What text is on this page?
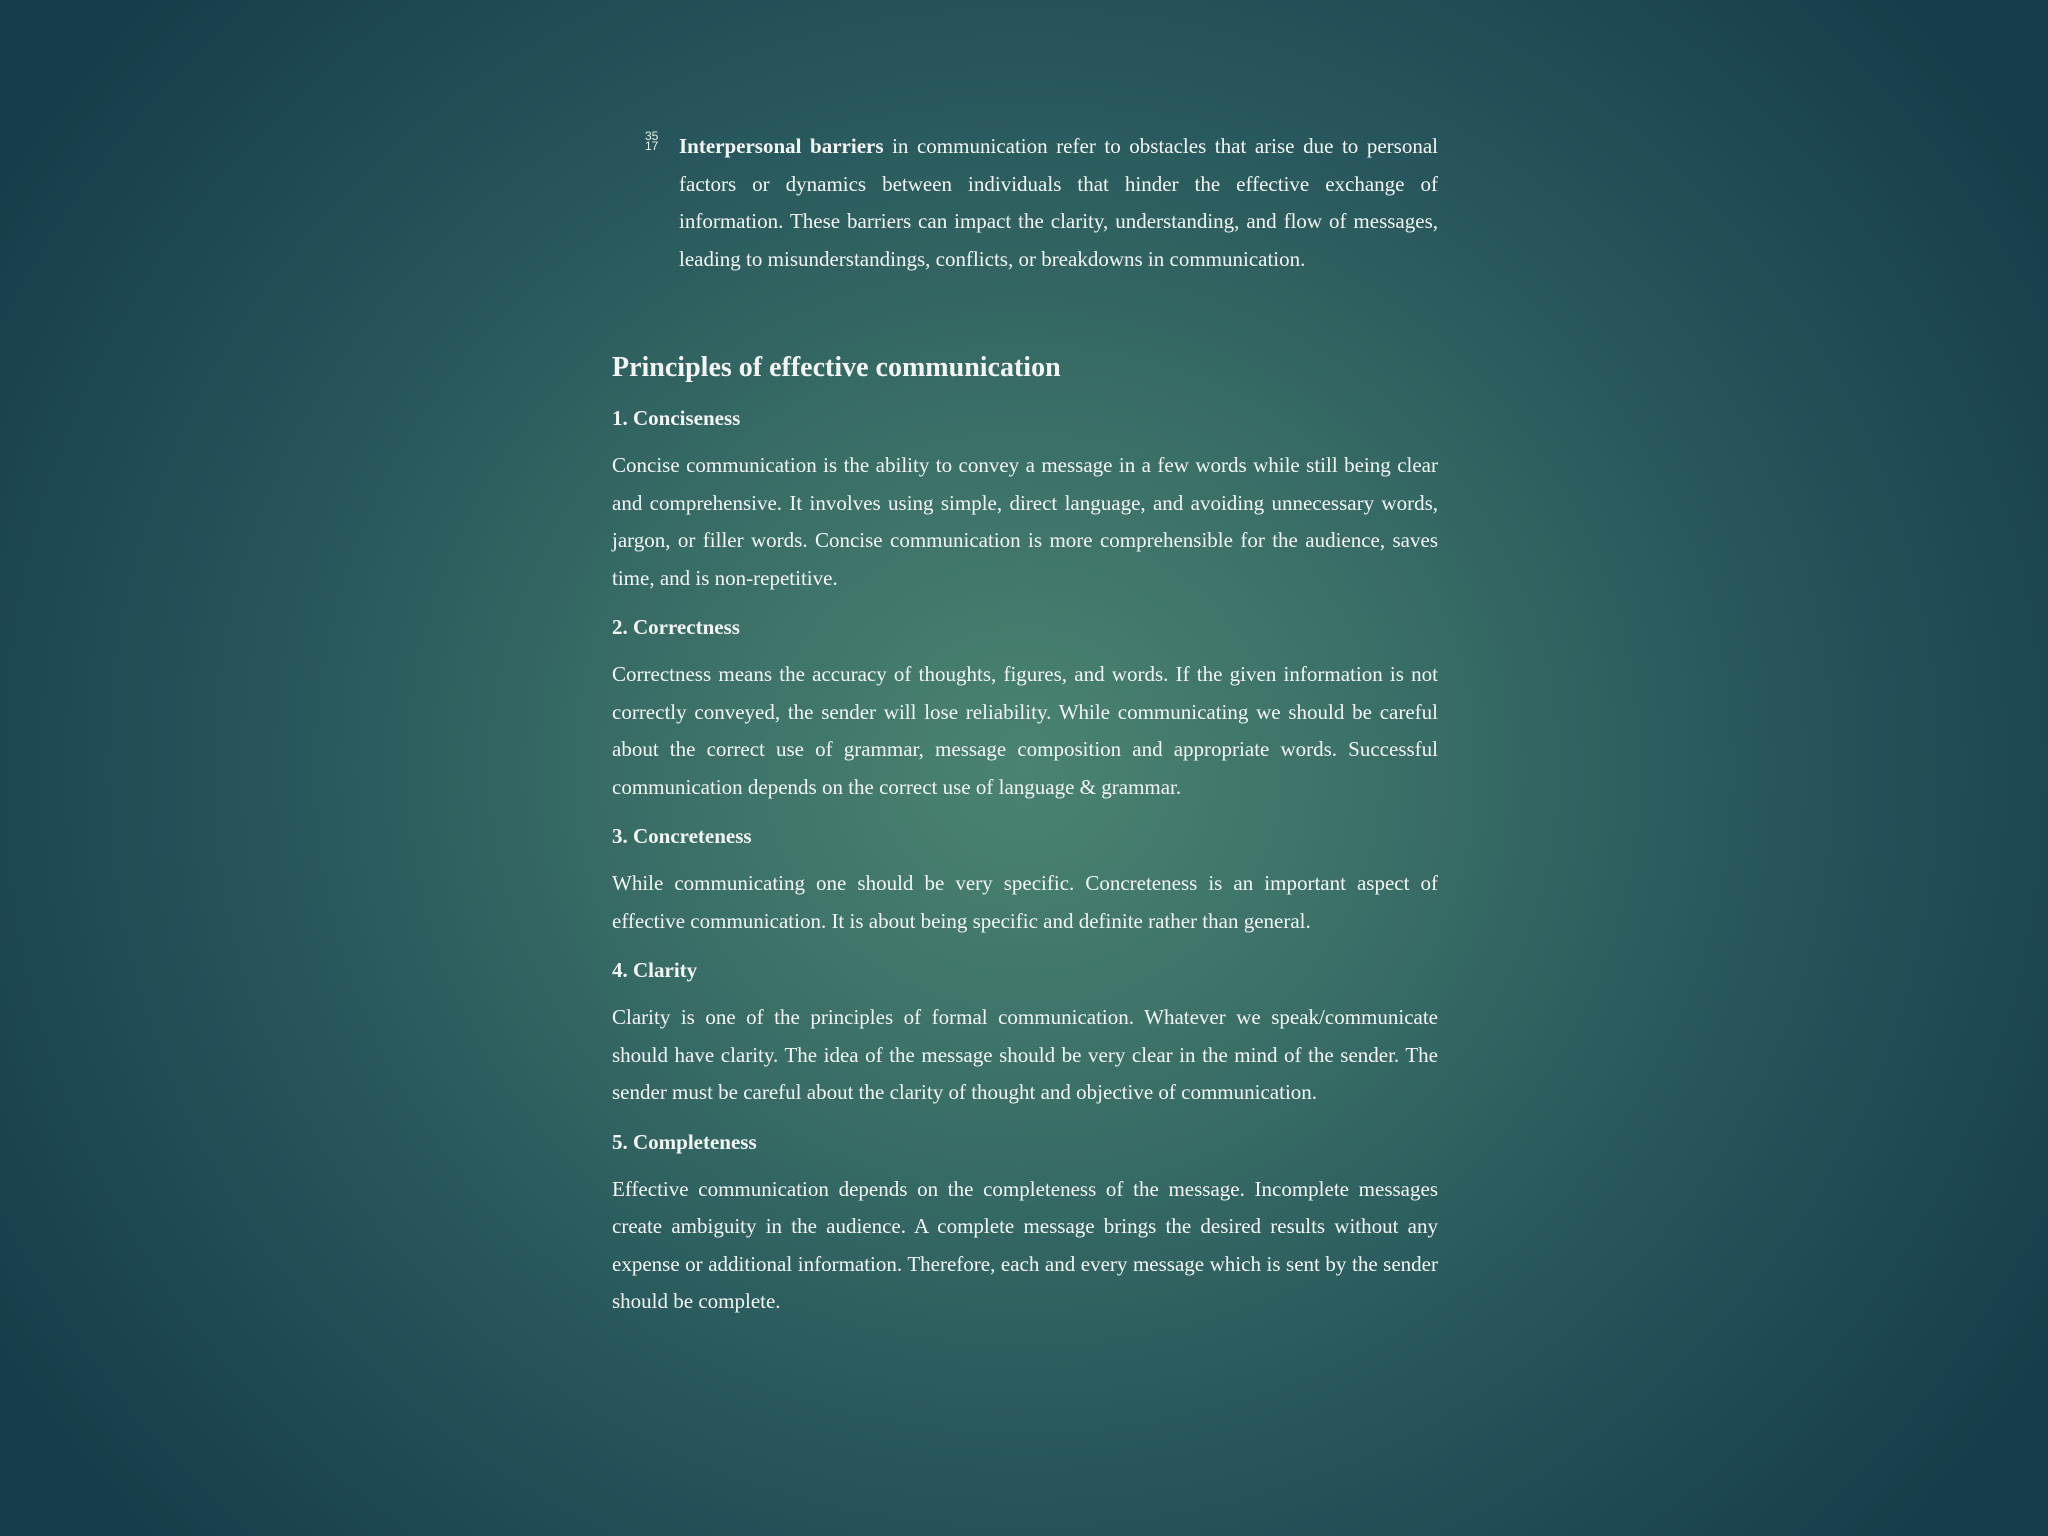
35
17 Interpersonal barriers in communication refer to obstacles that arise due to personal factors or dynamics between individuals that hinder the effective exchange of information. These barriers can impact the clarity, understanding, and flow of messages, leading to misunderstandings, conflicts, or breakdowns in communication.

Principles of effective communication
1. Conciseness

Concise communication is the ability to convey a message in a few words while still being clear and comprehensive. It involves using simple, direct language, and avoiding unnecessary words, jargon, or filler words. Concise communication is more comprehensible for the audience, saves time, and is non-repetitive.

2. Correctness

Correctness means the accuracy of thoughts, figures, and words. If the given information is not correctly conveyed, the sender will lose reliability. While communicating we should be careful about the correct use of grammar, message composition and appropriate words. Successful communication depends on the correct use of language & grammar.

3. Concreteness

While communicating one should be very specific. Concreteness is an important aspect of effective communication. It is about being specific and definite rather than general.

4. Clarity

Clarity is one of the principles of formal communication. Whatever we speak/communicate should have clarity. The idea of the message should be very clear in the mind of the sender. The sender must be careful about the clarity of thought and objective of communication.

5. Completeness

Effective communication depends on the completeness of the message. Incomplete messages create ambiguity in the audience. A complete message brings the desired results without any expense or additional information. Therefore, each and every message which is sent by the sender should be complete.
